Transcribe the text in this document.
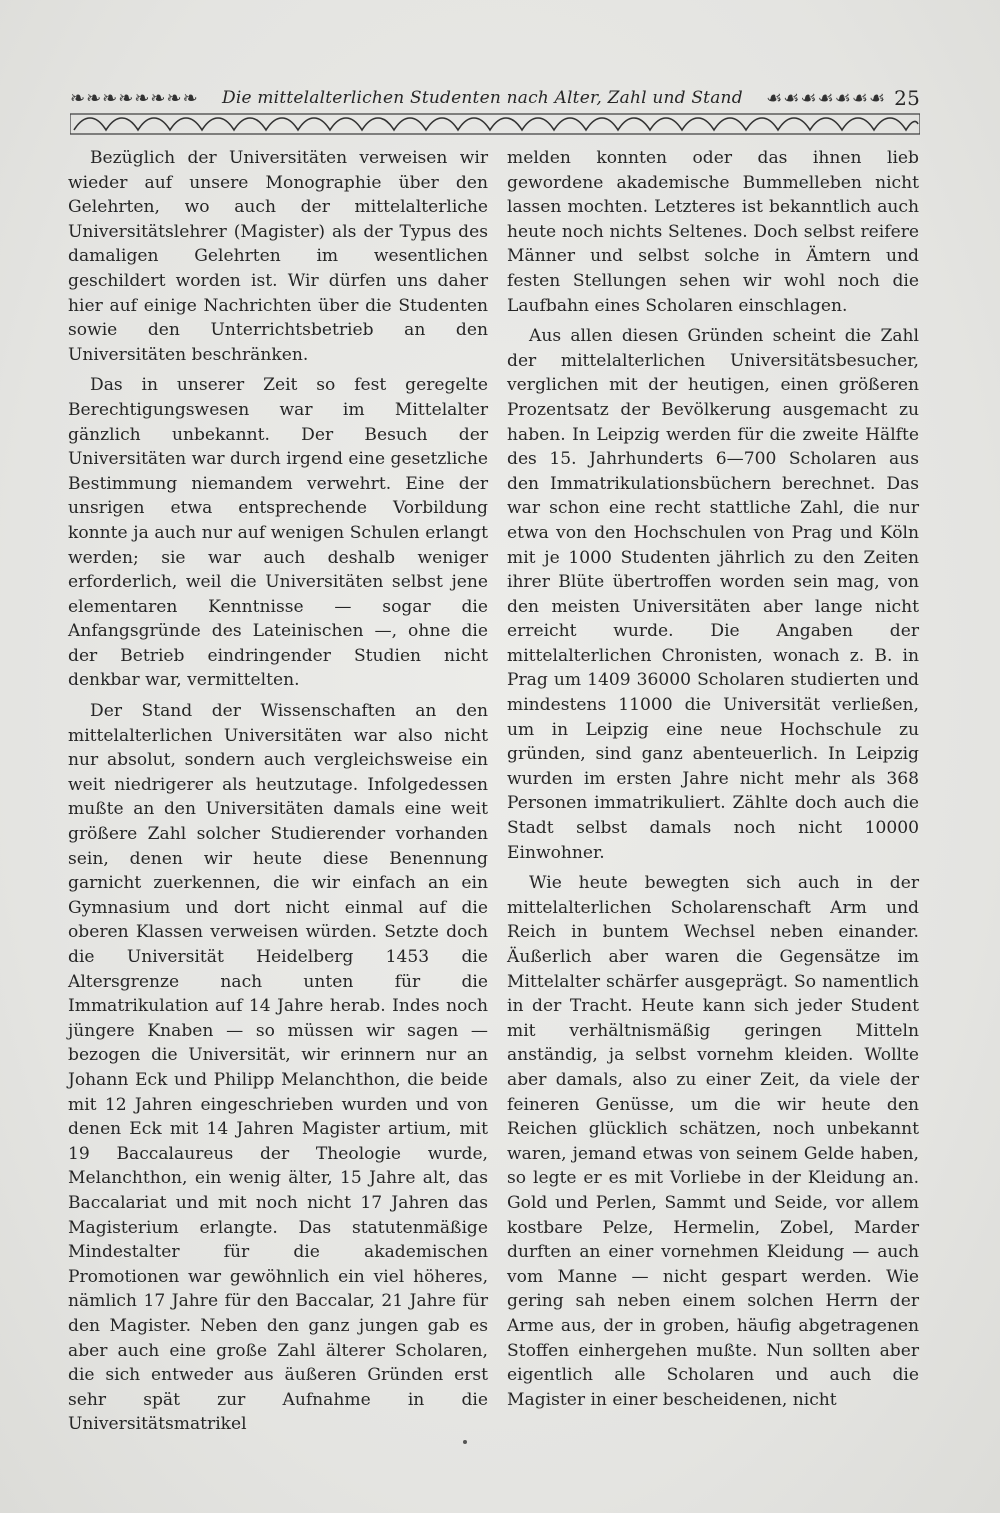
❧❧❧❧❧❧❧❧	Die mittelalterlichen Studenten nach Alter, Zahl und Stand	☙☙☙☙☙☙☙ 25

Bezüglich der Universitäten verweisen wir wieder auf unsere Monographie über den Gelehrten, wo auch der mittelalterliche Universitätslehrer (Magister) als der Typus des damaligen Gelehrten im wesentlichen geschildert worden ist. Wir dürfen uns daher hier auf einige Nachrichten über die Studenten sowie den Unterrichtsbetrieb an den Universitäten beschränken.

Das in unserer Zeit so fest geregelte Berechtigungswesen war im Mittelalter gänzlich unbekannt. Der Besuch der Universitäten war durch irgend eine gesetzliche Bestimmung niemandem verwehrt. Eine der unsrigen etwa entsprechende Vorbildung konnte ja auch nur auf wenigen Schulen erlangt werden; sie war auch deshalb weniger erforderlich, weil die Universitäten selbst jene elementaren Kenntnisse — sogar die Anfangsgründe des Lateinischen —, ohne die der Betrieb eindringender Studien nicht denkbar war, vermittelten.

Der Stand der Wissenschaften an den mittelalterlichen Universitäten war also nicht nur absolut, sondern auch vergleichsweise ein weit niedrigerer als heutzutage. Infolgedessen mußte an den Universitäten damals eine weit größere Zahl solcher Studierender vorhanden sein, denen wir heute diese Benennung garnicht zuerkennen, die wir einfach an ein Gymnasium und dort nicht einmal auf die oberen Klassen verweisen würden. Setzte doch die Universität Heidelberg 1453 die Altersgrenze nach unten für die Immatrikulation auf 14 Jahre herab. Indes noch jüngere Knaben — so müssen wir sagen — bezogen die Universität, wir erinnern nur an Johann Eck und Philipp Melanchthon, die beide mit 12 Jahren eingeschrieben wurden und von denen Eck mit 14 Jahren Magister artium, mit 19 Baccalaureus der Theologie wurde, Melanchthon, ein wenig älter, 15 Jahre alt, das Baccalariat und mit noch nicht 17 Jahren das Magisterium erlangte. Das statutenmäßige Mindestalter für die akademischen Promotionen war gewöhnlich ein viel höheres, nämlich 17 Jahre für den Baccalar, 21 Jahre für den Magister. Neben den ganz jungen gab es aber auch eine große Zahl älterer Scholaren, die sich entweder aus äußeren Gründen erst sehr spät zur Aufnahme in die Universitätsmatrikel

melden konnten oder das ihnen lieb gewordene akademische Bummelleben nicht lassen mochten. Letzteres ist bekanntlich auch heute noch nichts Seltenes. Doch selbst reifere Männer und selbst solche in Ämtern und festen Stellungen sehen wir wohl noch die Laufbahn eines Scholaren einschlagen.

Aus allen diesen Gründen scheint die Zahl der mittelalterlichen Universitätsbesucher, verglichen mit der heutigen, einen größeren Prozentsatz der Bevölkerung ausgemacht zu haben. In Leipzig werden für die zweite Hälfte des 15. Jahrhunderts 6—700 Scholaren aus den Immatrikulationsbüchern berechnet. Das war schon eine recht stattliche Zahl, die nur etwa von den Hochschulen von Prag und Köln mit je 1000 Studenten jährlich zu den Zeiten ihrer Blüte übertroffen worden sein mag, von den meisten Universitäten aber lange nicht erreicht wurde. Die Angaben der mittelalterlichen Chronisten, wonach z. B. in Prag um 1409 36000 Scholaren studierten und mindestens 11000 die Universität verließen, um in Leipzig eine neue Hochschule zu gründen, sind ganz abenteuerlich. In Leipzig wurden im ersten Jahre nicht mehr als 368 Personen immatrikuliert. Zählte doch auch die Stadt selbst damals noch nicht 10000 Einwohner.

Wie heute bewegten sich auch in der mittelalterlichen Scholarenschaft Arm und Reich in buntem Wechsel neben einander. Äußerlich aber waren die Gegensätze im Mittelalter schärfer ausgeprägt. So namentlich in der Tracht. Heute kann sich jeder Student mit verhältnismäßig geringen Mitteln anständig, ja selbst vornehm kleiden. Wollte aber damals, also zu einer Zeit, da viele der feineren Genüsse, um die wir heute den Reichen glücklich schätzen, noch unbekannt waren, jemand etwas von seinem Gelde haben, so legte er es mit Vorliebe in der Kleidung an. Gold und Perlen, Sammt und Seide, vor allem kostbare Pelze, Hermelin, Zobel, Marder durften an einer vornehmen Kleidung — auch vom Manne — nicht gespart werden. Wie gering sah neben einem solchen Herrn der Arme aus, der in groben, häufig abgetragenen Stoffen einhergehen mußte. Nun sollten aber eigentlich alle Scholaren und auch die Magister in einer bescheidenen, nicht
